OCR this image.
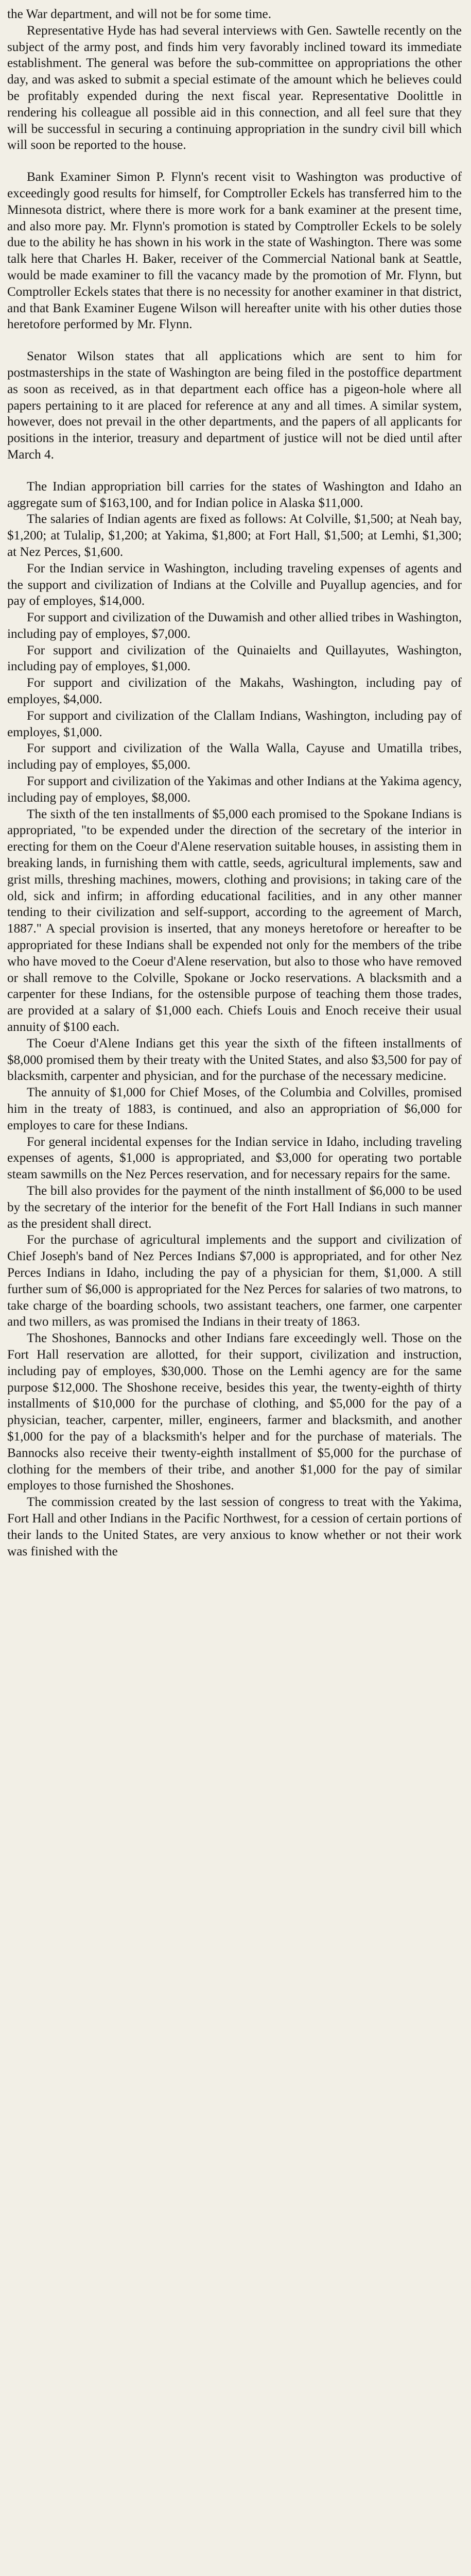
the War department, and will not be for some time.

Representative Hyde has had several interviews with Gen. Sawtelle recently on the subject of the army post, and finds him very favorably inclined toward its immediate establishment. The general was before the sub-committee on appropriations the other day, and was asked to submit a special estimate of the amount which he believes could be profitably expended during the next fiscal year. Representative Doolittle in rendering his colleague all possible aid in this connection, and all feel sure that they will be successful in securing a continuing appropriation in the sundry civil bill which will soon be reported to the house.

Bank Examiner Simon P. Flynn's recent visit to Washington was productive of exceedingly good results for himself, for Comptroller Eckels has transferred him to the Minnesota district, where there is more work for a bank examiner at the present time, and also more pay. Mr. Flynn's promotion is stated by Comptroller Eckels to be solely due to the ability he has shown in his work in the state of Washington. There was some talk here that Charles H. Baker, receiver of the Commercial National bank at Seattle, would be made examiner to fill the vacancy made by the promotion of Mr. Flynn, but Comptroller Eckels states that there is no necessity for another examiner in that district, and that Bank Examiner Eugene Wilson will hereafter unite with his other duties those heretofore performed by Mr. Flynn.

Senator Wilson states that all applications which are sent to him for postmasterships in the state of Washington are being filed in the postoffice department as soon as received, as in that department each office has a pigeon-hole where all papers pertaining to it are placed for reference at any and all times. A similar system, however, does not prevail in the other departments, and the papers of all applicants for positions in the interior, treasury and department of justice will not be died until after March 4.

The Indian appropriation bill carries for the states of Washington and Idaho an aggregate sum of $163,100, and for Indian police in Alaska $11,000.

The salaries of Indian agents are fixed as follows: At Colville, $1,500; at Neah bay, $1,200; at Tulalip, $1,200; at Yakima, $1,800; at Fort Hall, $1,500; at Lemhi, $1,300; at Nez Perces, $1,600.

For the Indian service in Washington, including traveling expenses of agents and the support and civilization of Indians at the Colville and Puyallup agencies, and for pay of employes, $14,000.

For support and civilization of the Duwamish and other allied tribes in Washington, including pay of employes, $7,000.

For support and civilization of the Quinaielts and Quillayutes, Washington, including pay of employes, $1,000.

For support and civilization of the Makahs, Washington, including pay of employes, $4,000.

For support and civilization of the Clallam Indians, Washington, including pay of employes, $1,000.

For support and civilization of the Walla Walla, Cayuse and Umatilla tribes, including pay of employes, $5,000.

For support and civilization of the Yakimas and other Indians at the Yakima agency, including pay of employes, $8,000.

The sixth of the ten installments of $5,000 each promised to the Spokane Indians is appropriated, "to be expended under the direction of the secretary of the interior in erecting for them on the Coeur d'Alene reservation suitable houses, in assisting them in breaking lands, in furnishing them with cattle, seeds, agricultural implements, saw and grist mills, threshing machines, mowers, clothing and provisions; in taking care of the old, sick and infirm; in affording educational facilities, and in any other manner tending to their civilization and self-support, according to the agreement of March, 1887." A special provision is inserted, that any moneys heretofore or hereafter to be appropriated for these Indians shall be expended not only for the members of the tribe who have moved to the Coeur d'Alene reservation, but also to those who have removed or shall remove to the Colville, Spokane or Jocko reservations. A blacksmith and a carpenter for these Indians, for the ostensible purpose of teaching them those trades, are provided at a salary of $1,000 each. Chiefs Louis and Enoch receive their usual annuity of $100 each.

The Coeur d'Alene Indians get this year the sixth of the fifteen installments of $8,000 promised them by their treaty with the United States, and also $3,500 for pay of blacksmith, carpenter and physician, and for the purchase of the necessary medicine.

The annuity of $1,000 for Chief Moses, of the Columbia and Colvilles, promised him in the treaty of 1883, is continued, and also an appropriation of $6,000 for employes to care for these Indians.

For general incidental expenses for the Indian service in Idaho, including traveling expenses of agents, $1,000 is appropriated, and $3,000 for operating two portable steam sawmills on the Nez Perces reservation, and for necessary repairs for the same.

The bill also provides for the payment of the ninth installment of $6,000 to be used by the secretary of the interior for the benefit of the Fort Hall Indians in such manner as the president shall direct.

For the purchase of agricultural implements and the support and civilization of Chief Joseph's band of Nez Perces Indians $7,000 is appropriated, and for other Nez Perces Indians in Idaho, including the pay of a physician for them, $1,000. A still further sum of $6,000 is appropriated for the Nez Perces for salaries of two matrons, to take charge of the boarding schools, two assistant teachers, one farmer, one carpenter and two millers, as was promised the Indians in their treaty of 1863.

The Shoshones, Bannocks and other Indians fare exceedingly well. Those on the Fort Hall reservation are allotted, for their support, civilization and instruction, including pay of employes, $30,000. Those on the Lemhi agency are for the same purpose $12,000. The Shoshone receive, besides this year, the twenty-eighth of thirty installments of $10,000 for the purchase of clothing, and $5,000 for the pay of a physician, teacher, carpenter, miller, engineers, farmer and blacksmith, and another $1,000 for the pay of a blacksmith's helper and for the purchase of materials. The Bannocks also receive their twenty-eighth installment of $5,000 for the purchase of clothing for the members of their tribe, and another $1,000 for the pay of similar employes to those furnished the Shoshones.

The commission created by the last session of congress to treat with the Yakima, Fort Hall and other Indians in the Pacific Northwest, for a cession of certain portions of their lands to the United States, are very anxious to know whether or not their work was finished with the
